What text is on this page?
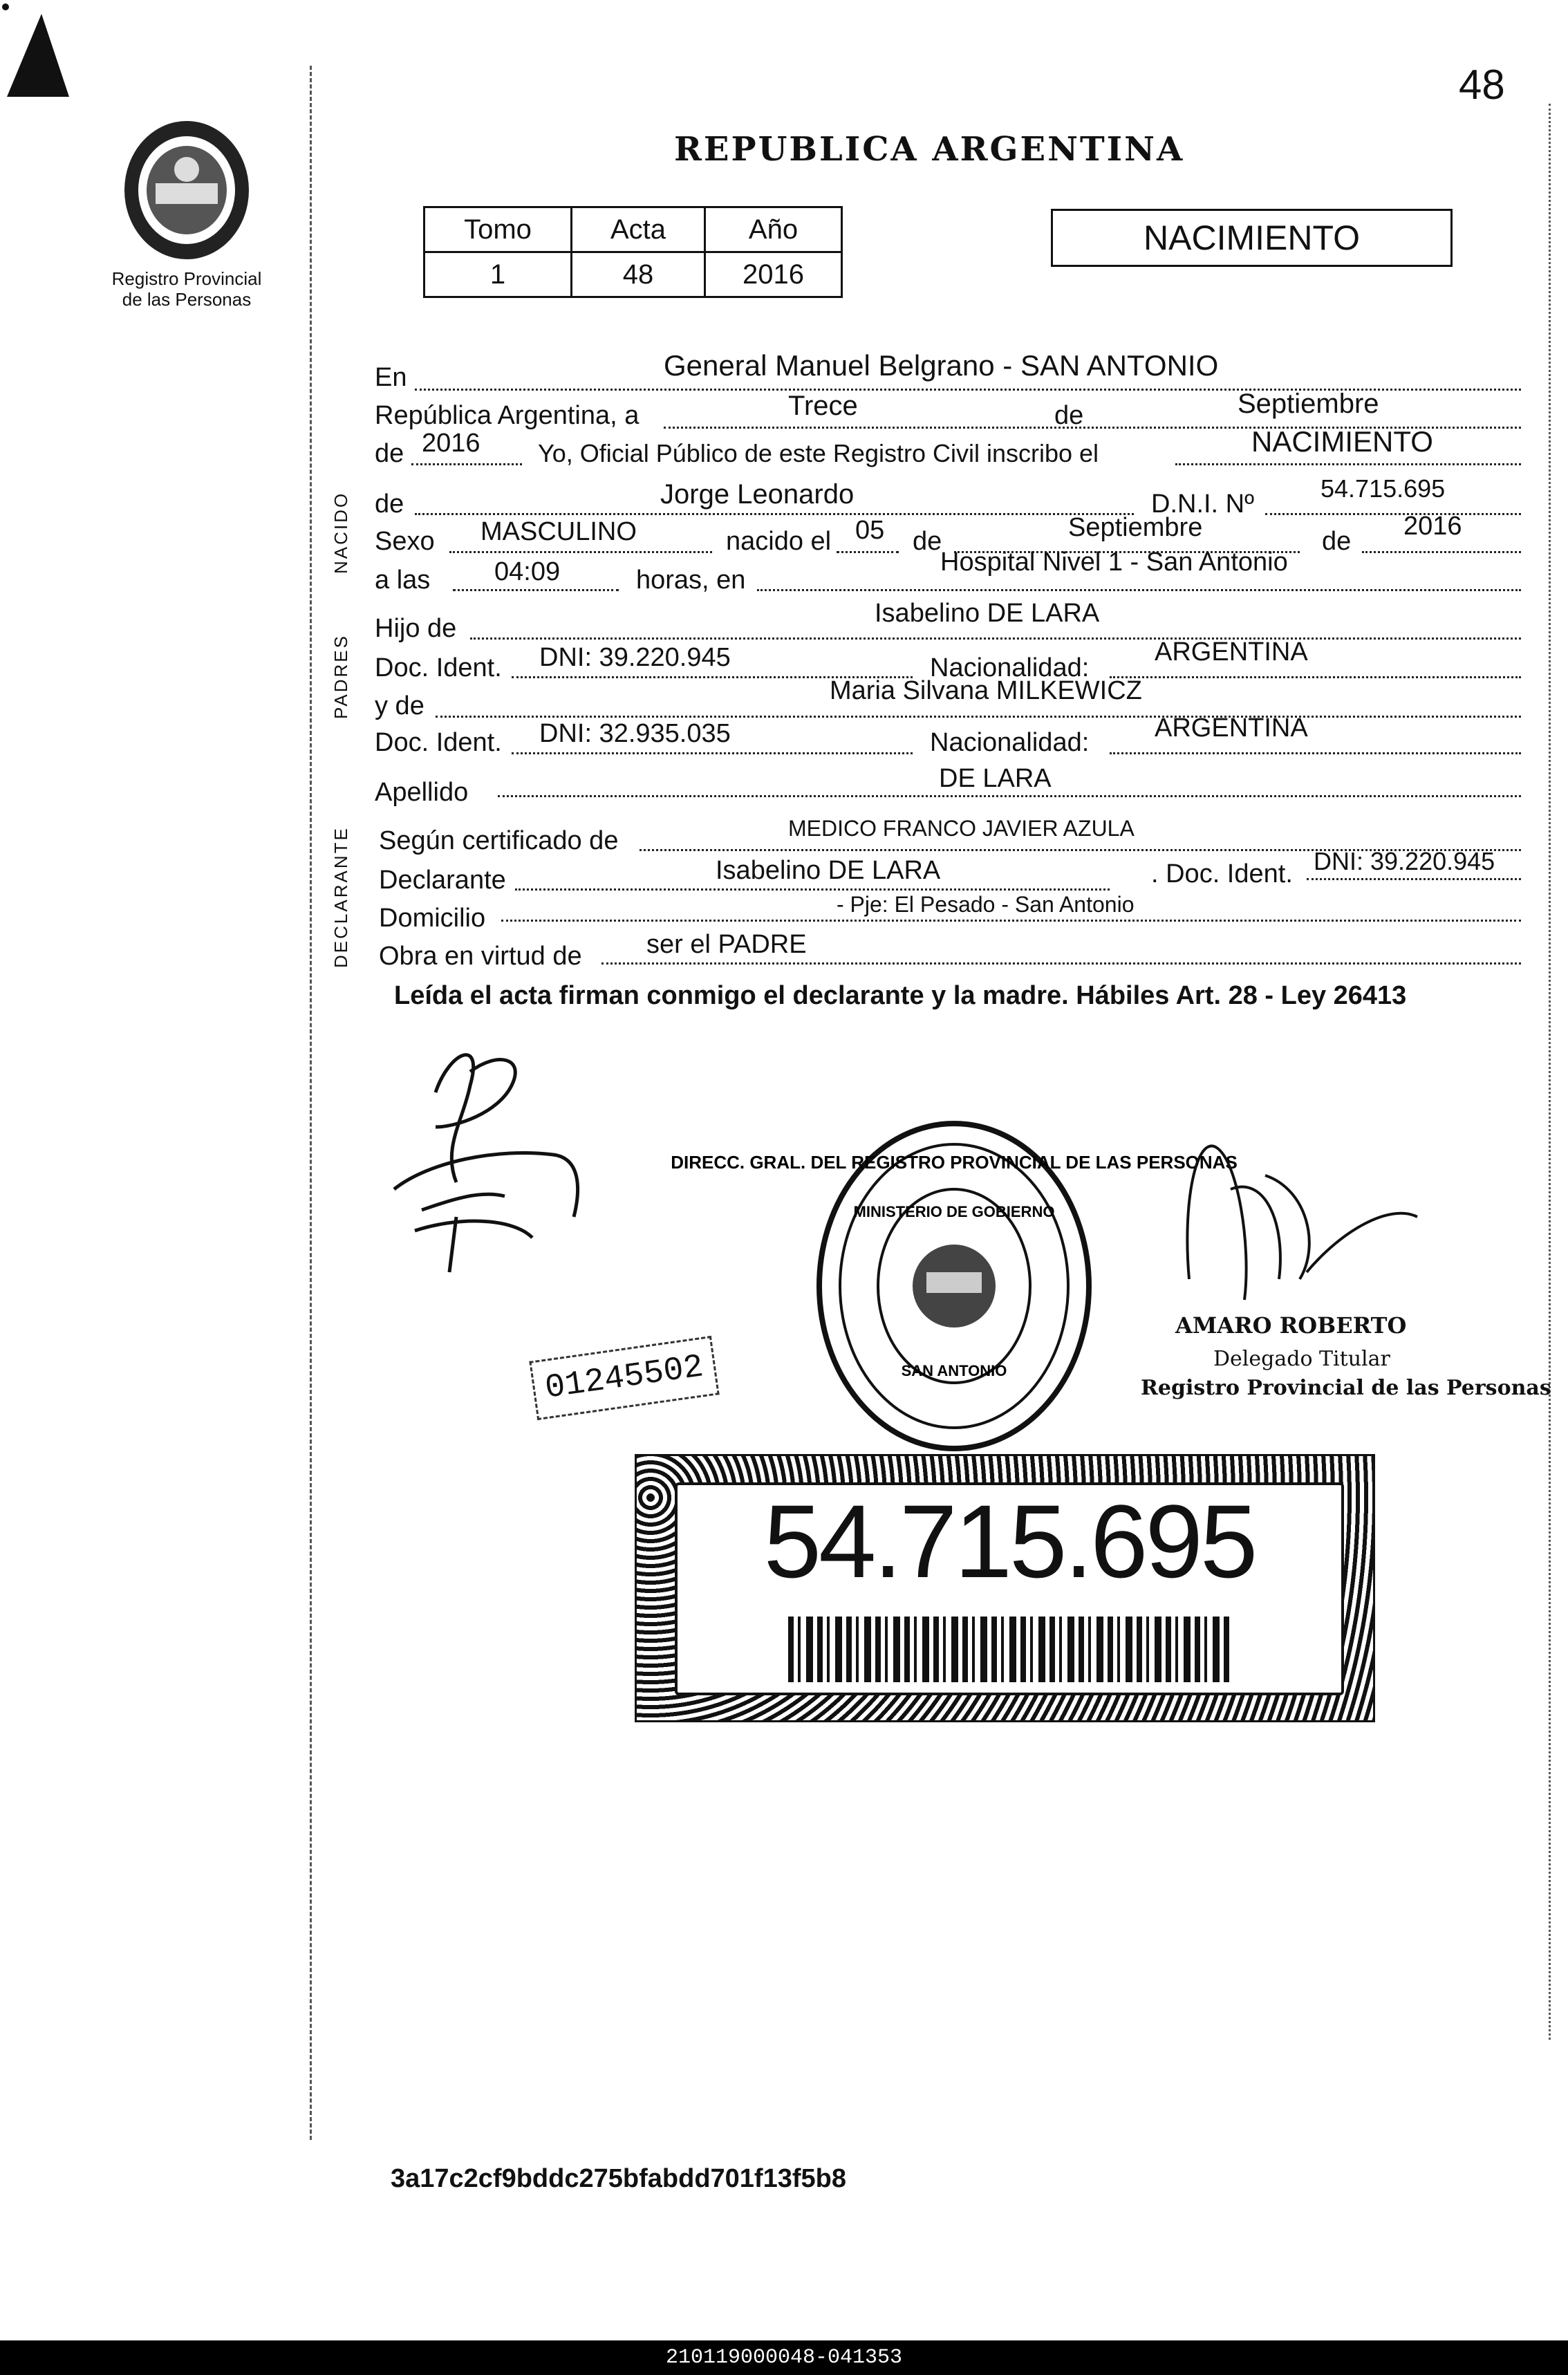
48
Registro Provincial
de las Personas
REPUBLICA ARGENTINA
Tomo	Acta	Año
1	48	2016
NACIMIENTO
NACIDO
PADRES
DECLARANTE
En	General Manuel Belgrano - SAN ANTONIO
República Argentina, a	Trece	de	Septiembre
de 2016 Yo, Oficial Público de este Registro Civil inscribo el	NACIMIENTO
de	Jorge Leonardo	D.N.I. Nº
54.715.695
Sexo MASCULINO	nacido el 05 de	Septiembre	de
2016
a las 04:09	horas, en
Hospital Nivel 1 - San Antonio
Hijo de
Isabelino DE LARA
Doc. Ident. DNI: 39.220.945	Nacionalidad:
ARGENTINA
y de
Maria Silvana MILKEWICZ
Doc. Ident. DNI: 32.935.035	Nacionalidad: ARGENTINA
Apellido	DE LARA
Según certificado de	MEDICO FRANCO JAVIER AZULA
Declarante	Isabelino DE LARA	. Doc. Ident. DNI: 39.220.945
Domicilio	- Pje: El Pesado - San Antonio
Obra en virtud de ser el PADRE
Leída el acta firman conmigo el declarante y la madre. Hábiles Art. 28 - Ley 26413
DIRECC. GRAL. DEL REGISTRO PROVINCIAL DE LAS PERSONAS
MINISTERIO DE GOBIERNO
SAN ANTONIO
AMARO ROBERTO
Delegado Titular
Registro Provincial de las Personas
01245502
54.715.695
3a17c2cf9bddc275bfabdd701f13f5b8
210119000048-041353
